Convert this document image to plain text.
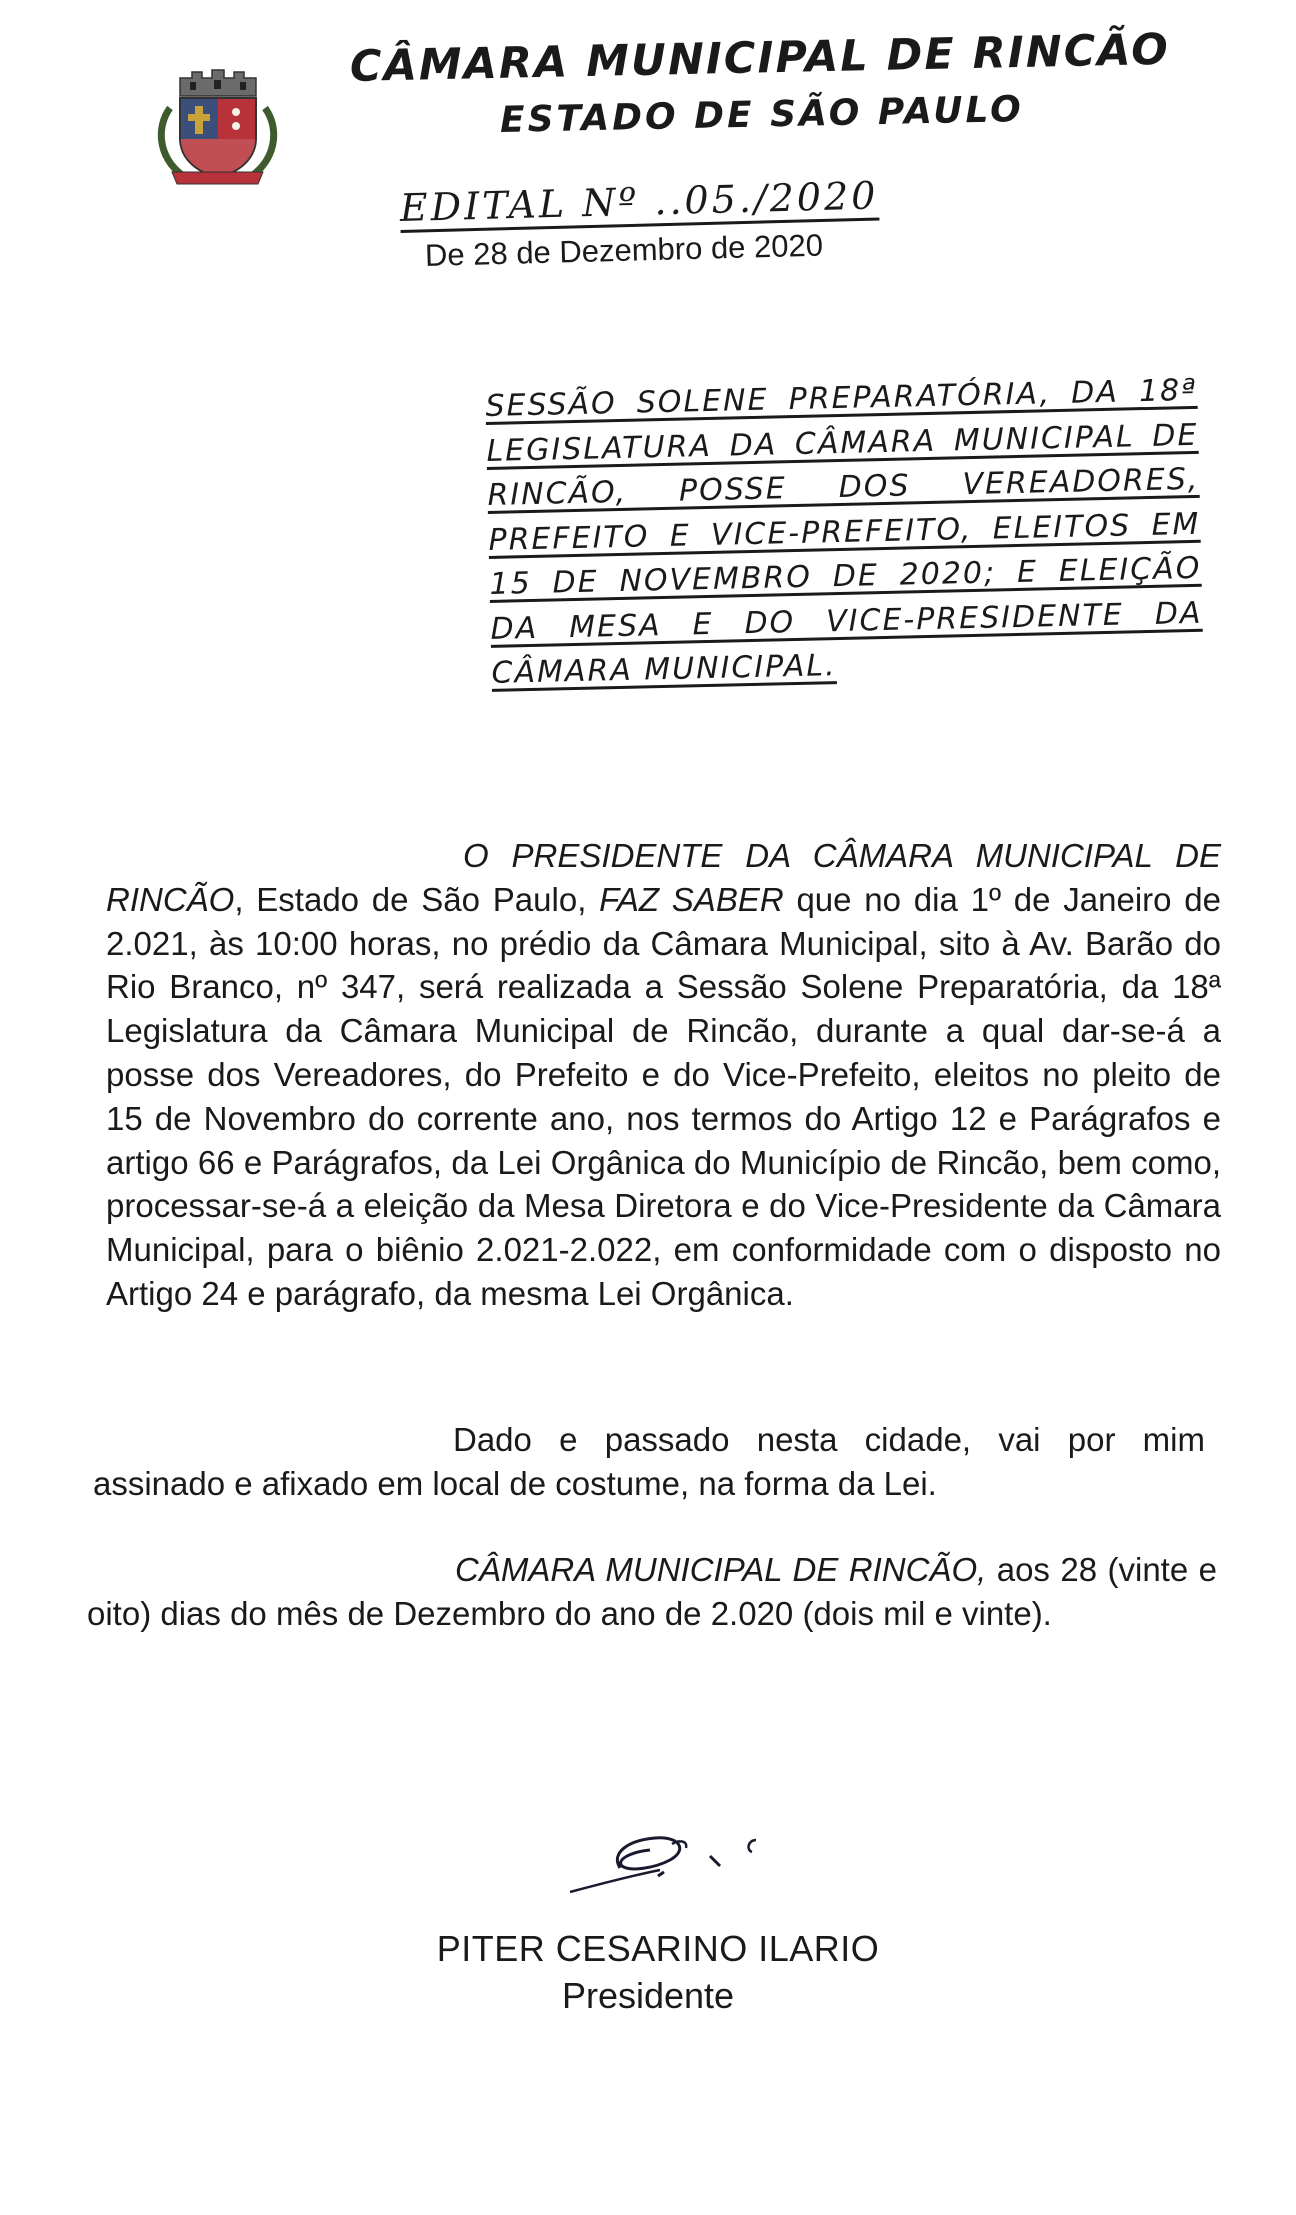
CÂMARA MUNICIPAL DE RINCÃO
ESTADO DE SÃO PAULO
EDITAL Nº ..05./2020
De 28 de Dezembro de 2020
SESSÃO SOLENE PREPARATÓRIA, DA 18ª LEGISLATURA DA CÂMARA MUNICIPAL DE RINCÃO, POSSE DOS VEREADORES, PREFEITO E VICE-PREFEITO, ELEITOS EM 15 DE NOVEMBRO DE 2020; E ELEIÇÃO DA MESA E DO VICE-PRESIDENTE DA CÂMARA MUNICIPAL.
O PRESIDENTE DA CÂMARA MUNICIPAL DE RINCÃO, Estado de São Paulo, FAZ SABER que no dia 1º de Janeiro de 2.021, às 10:00 horas, no prédio da Câmara Municipal, sito à Av. Barão do Rio Branco, nº 347, será realizada a Sessão Solene Preparatória, da 18ª Legislatura da Câmara Municipal de Rincão, durante a qual dar-se-á a posse dos Vereadores, do Prefeito e do Vice-Prefeito, eleitos no pleito de 15 de Novembro do corrente ano, nos termos do Artigo 12 e Parágrafos e artigo 66 e Parágrafos, da Lei Orgânica do Município de Rincão, bem como, processar-se-á a eleição da Mesa Diretora e do Vice-Presidente da Câmara Municipal, para o biênio 2.021-2.022, em conformidade com o disposto no Artigo 24 e parágrafo, da mesma Lei Orgânica.
Dado e passado nesta cidade, vai por mim assinado e afixado em local de costume, na forma da Lei.
CÂMARA MUNICIPAL DE RINCÃO, aos 28 (vinte e oito) dias do mês de Dezembro do ano de 2.020 (dois mil e vinte).
PITER CESARINO ILARIO
Presidente
